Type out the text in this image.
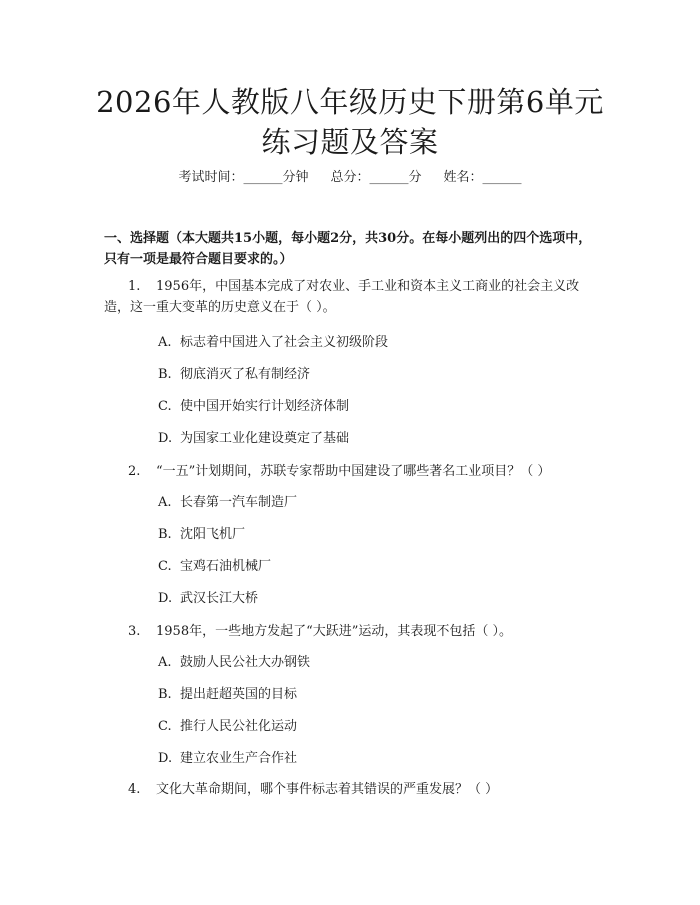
2026年人教版八年级历史下册第6单元练习题及答案
考试时间：______分钟 总分：______分 姓名：______
一、选择题（本大题共15小题，每小题2分，共30分。在每小题列出的四个选项中，只有一项是最符合题目要求的。）
1. 1956年，中国基本完成了对农业、手工业和资本主义工商业的社会主义改造，这一重大变革的历史意义在于（ ）。
A. 标志着中国进入了社会主义初级阶段
B. 彻底消灭了私有制经济
C. 使中国开始实行计划经济体制
D. 为国家工业化建设奠定了基础
2. “一五”计划期间，苏联专家帮助中国建设了哪些著名工业项目？（ ）
A. 长春第一汽车制造厂
B. 沈阳飞机厂
C. 宝鸡石油机械厂
D. 武汉长江大桥
3. 1958年，一些地方发起了“大跃进”运动，其表现不包括（ ）。
A. 鼓励人民公社大办钢铁
B. 提出赶超英国的目标
C. 推行人民公社化运动
D. 建立农业生产合作社
4. 文化大革命期间，哪个事件标志着其错误的严重发展？（ ）
